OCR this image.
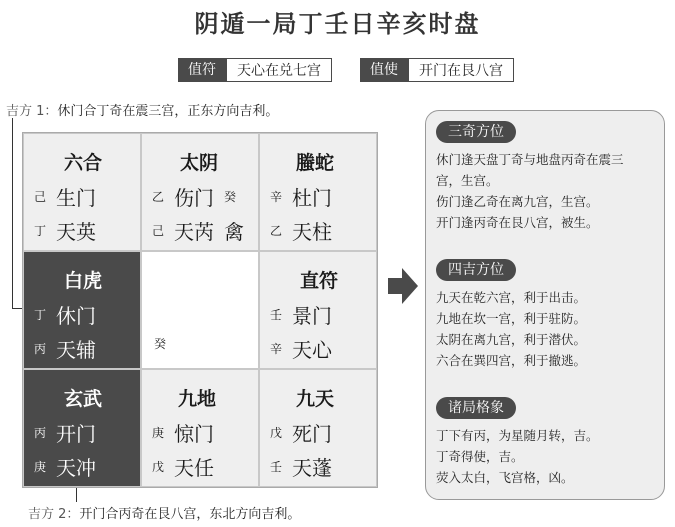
阴遁一局丁壬日辛亥时盘
值符	天心在兑七宫	值使	开门在艮八宫
吉方 1：休门合丁奇在震三宫，正东方向吉利。
吉方 2：开门合丙奇在艮八宫，东北方向吉利。
六合
己 生门
丁 天英
太阴
乙 伤门 癸
己 天芮 禽
螣蛇
辛 杜门
乙 天柱
白虎
丁 休门
丙 天辅	癸
直符
壬 景门
辛 天心
玄武
丙 开门
庚 天冲
九地
庚 惊门
戊 天任
九天
戊 死门
壬 天蓬
三奇方位
休门逢天盘丁奇与地盘丙奇在震三
宫，生宫。
伤门逢乙奇在离九宫，生宫。
开门逢丙奇在艮八宫，被生。
四吉方位
九天在乾六宫，利于出击。
九地在坎一宫，利于驻防。
太阴在离九宫，利于潜伏。
六合在巽四宫，利于撤逃。
诸局格象
丁下有丙，为星随月转，吉。
丁奇得使，吉。
荧入太白，飞宫格，凶。
